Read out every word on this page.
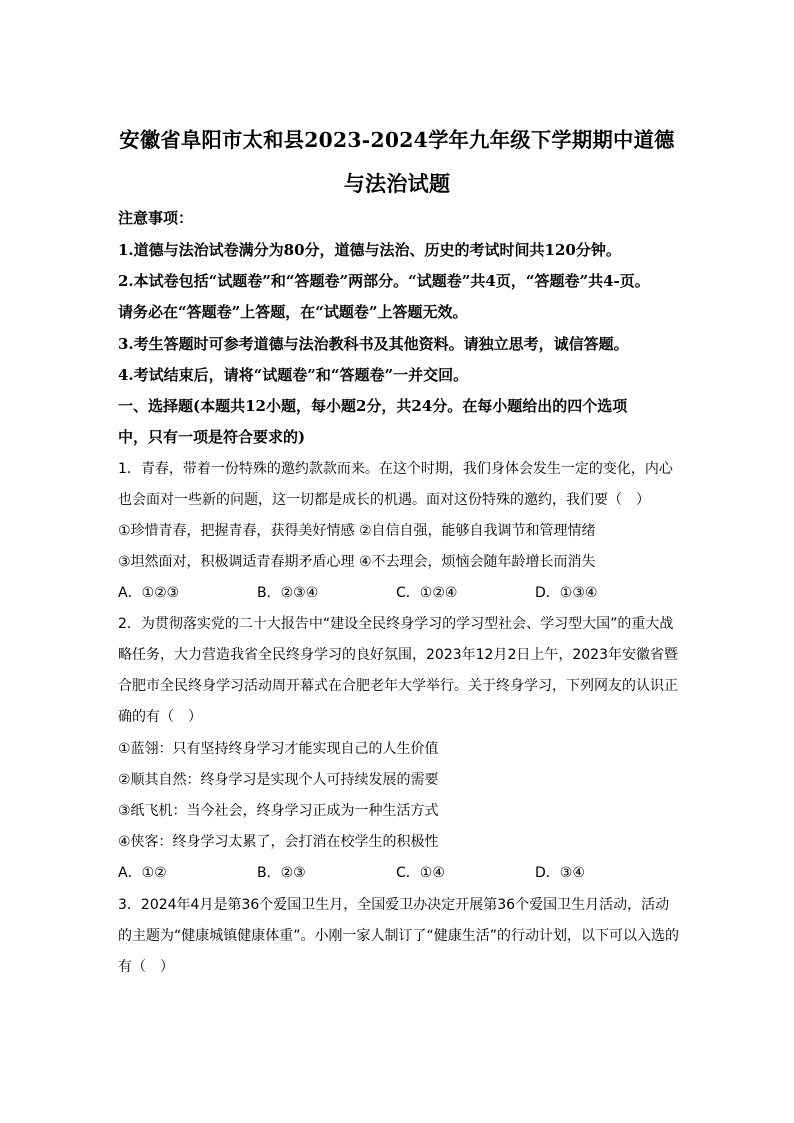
安徽省阜阳市太和县2023-2024学年九年级下学期期中道德
与法治试题
注意事项：
1.道德与法治试卷满分为80分，道德与法治、历史的考试时间共120分钟。
2.本试卷包括“试题卷”和“答题卷”两部分。“试题卷”共4页，“答题卷”共4-页。
请务必在“答题卷”上答题，在“试题卷”上答题无效。
3.考生答题时可参考道德与法治教科书及其他资料。请独立思考，诚信答题。
4.考试结束后，请将“试题卷”和“答题卷”一并交回。
一、选择题(本题共12小题，每小题2分，共24分。在每小题给出的四个选项
中，只有一项是符合要求的)
1．青春，带着一份特殊的邀约款款而来。在这个时期，我们身体会发生一定的变化，内心
也会面对一些新的问题，这一切都是成长的机遇。面对这份特殊的邀约，我们要（　）
①珍惜青春，把握青春，获得美好情感 ②自信自强，能够自我调节和管理情绪
③坦然面对，积极调适青春期矛盾心理 ④不去理会，烦恼会随年龄增长而消失
A．①②③	B．②③④	C．①②④	D．①③④
2．为贯彻落实党的二十大报告中“建设全民终身学习的学习型社会、学习型大国”的重大战
略任务，大力营造我省全民终身学习的良好氛围，2023年12月2日上午，2023年安徽省暨
合肥市全民终身学习活动周开幕式在合肥老年大学举行。关于终身学习，下列网友的认识正
确的有（　）
①蓝翎：只有坚持终身学习才能实现自己的人生价值
②顺其自然：终身学习是实现个人可持续发展的需要
③纸飞机：当今社会，终身学习正成为一种生活方式
④侠客：终身学习太累了，会打消在校学生的积极性
A．①②	B．②③	C．①④	D．③④
3．2024年4月是第36个爱国卫生月，全国爱卫办决定开展第36个爱国卫生月活动，活动
的主题为“健康城镇健康体重”。小刚一家人制订了“健康生活”的行动计划，以下可以入选的
有（　）
